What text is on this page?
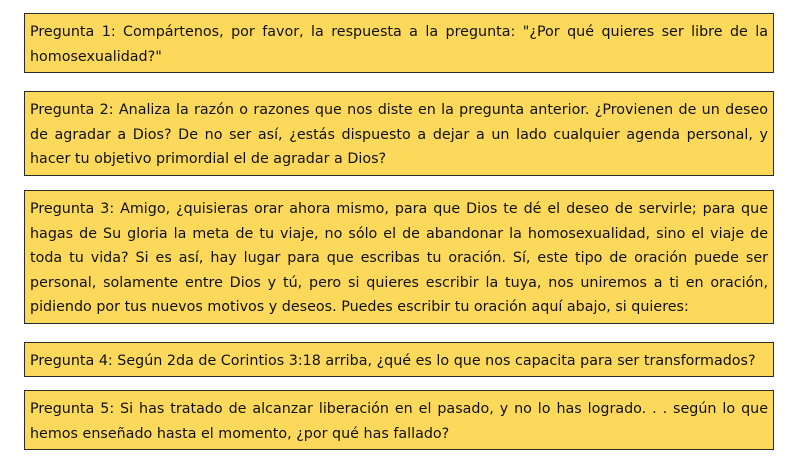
Pregunta 1: Compártenos, por favor, la respuesta a la pregunta: "¿Por qué quieres ser libre de la homosexualidad?"
Pregunta 2: Analiza la razón o razones que nos diste en la pregunta anterior. ¿Provienen de un deseo de agradar a Dios? De no ser así, ¿estás dispuesto a dejar a un lado cualquier agenda personal, y hacer tu objetivo primordial el de agradar a Dios?
Pregunta 3: Amigo, ¿quisieras orar ahora mismo, para que Dios te dé el deseo de servirle; para que hagas de Su gloria la meta de tu viaje, no sólo el de abandonar la homosexualidad, sino el viaje de toda tu vida? Si es así, hay lugar para que escribas tu oración. Sí, este tipo de oración puede ser personal, solamente entre Dios y tú, pero si quieres escribir la tuya, nos uniremos a ti en oración, pidiendo por tus nuevos motivos y deseos. Puedes escribir tu oración aquí abajo, si quieres:
Pregunta 4: Según 2da de Corintios 3:18 arriba, ¿qué es lo que nos capacita para ser transformados?
Pregunta 5: Si has tratado de alcanzar liberación en el pasado, y no lo has logrado. . . según lo que hemos enseñado hasta el momento, ¿por qué has fallado?
